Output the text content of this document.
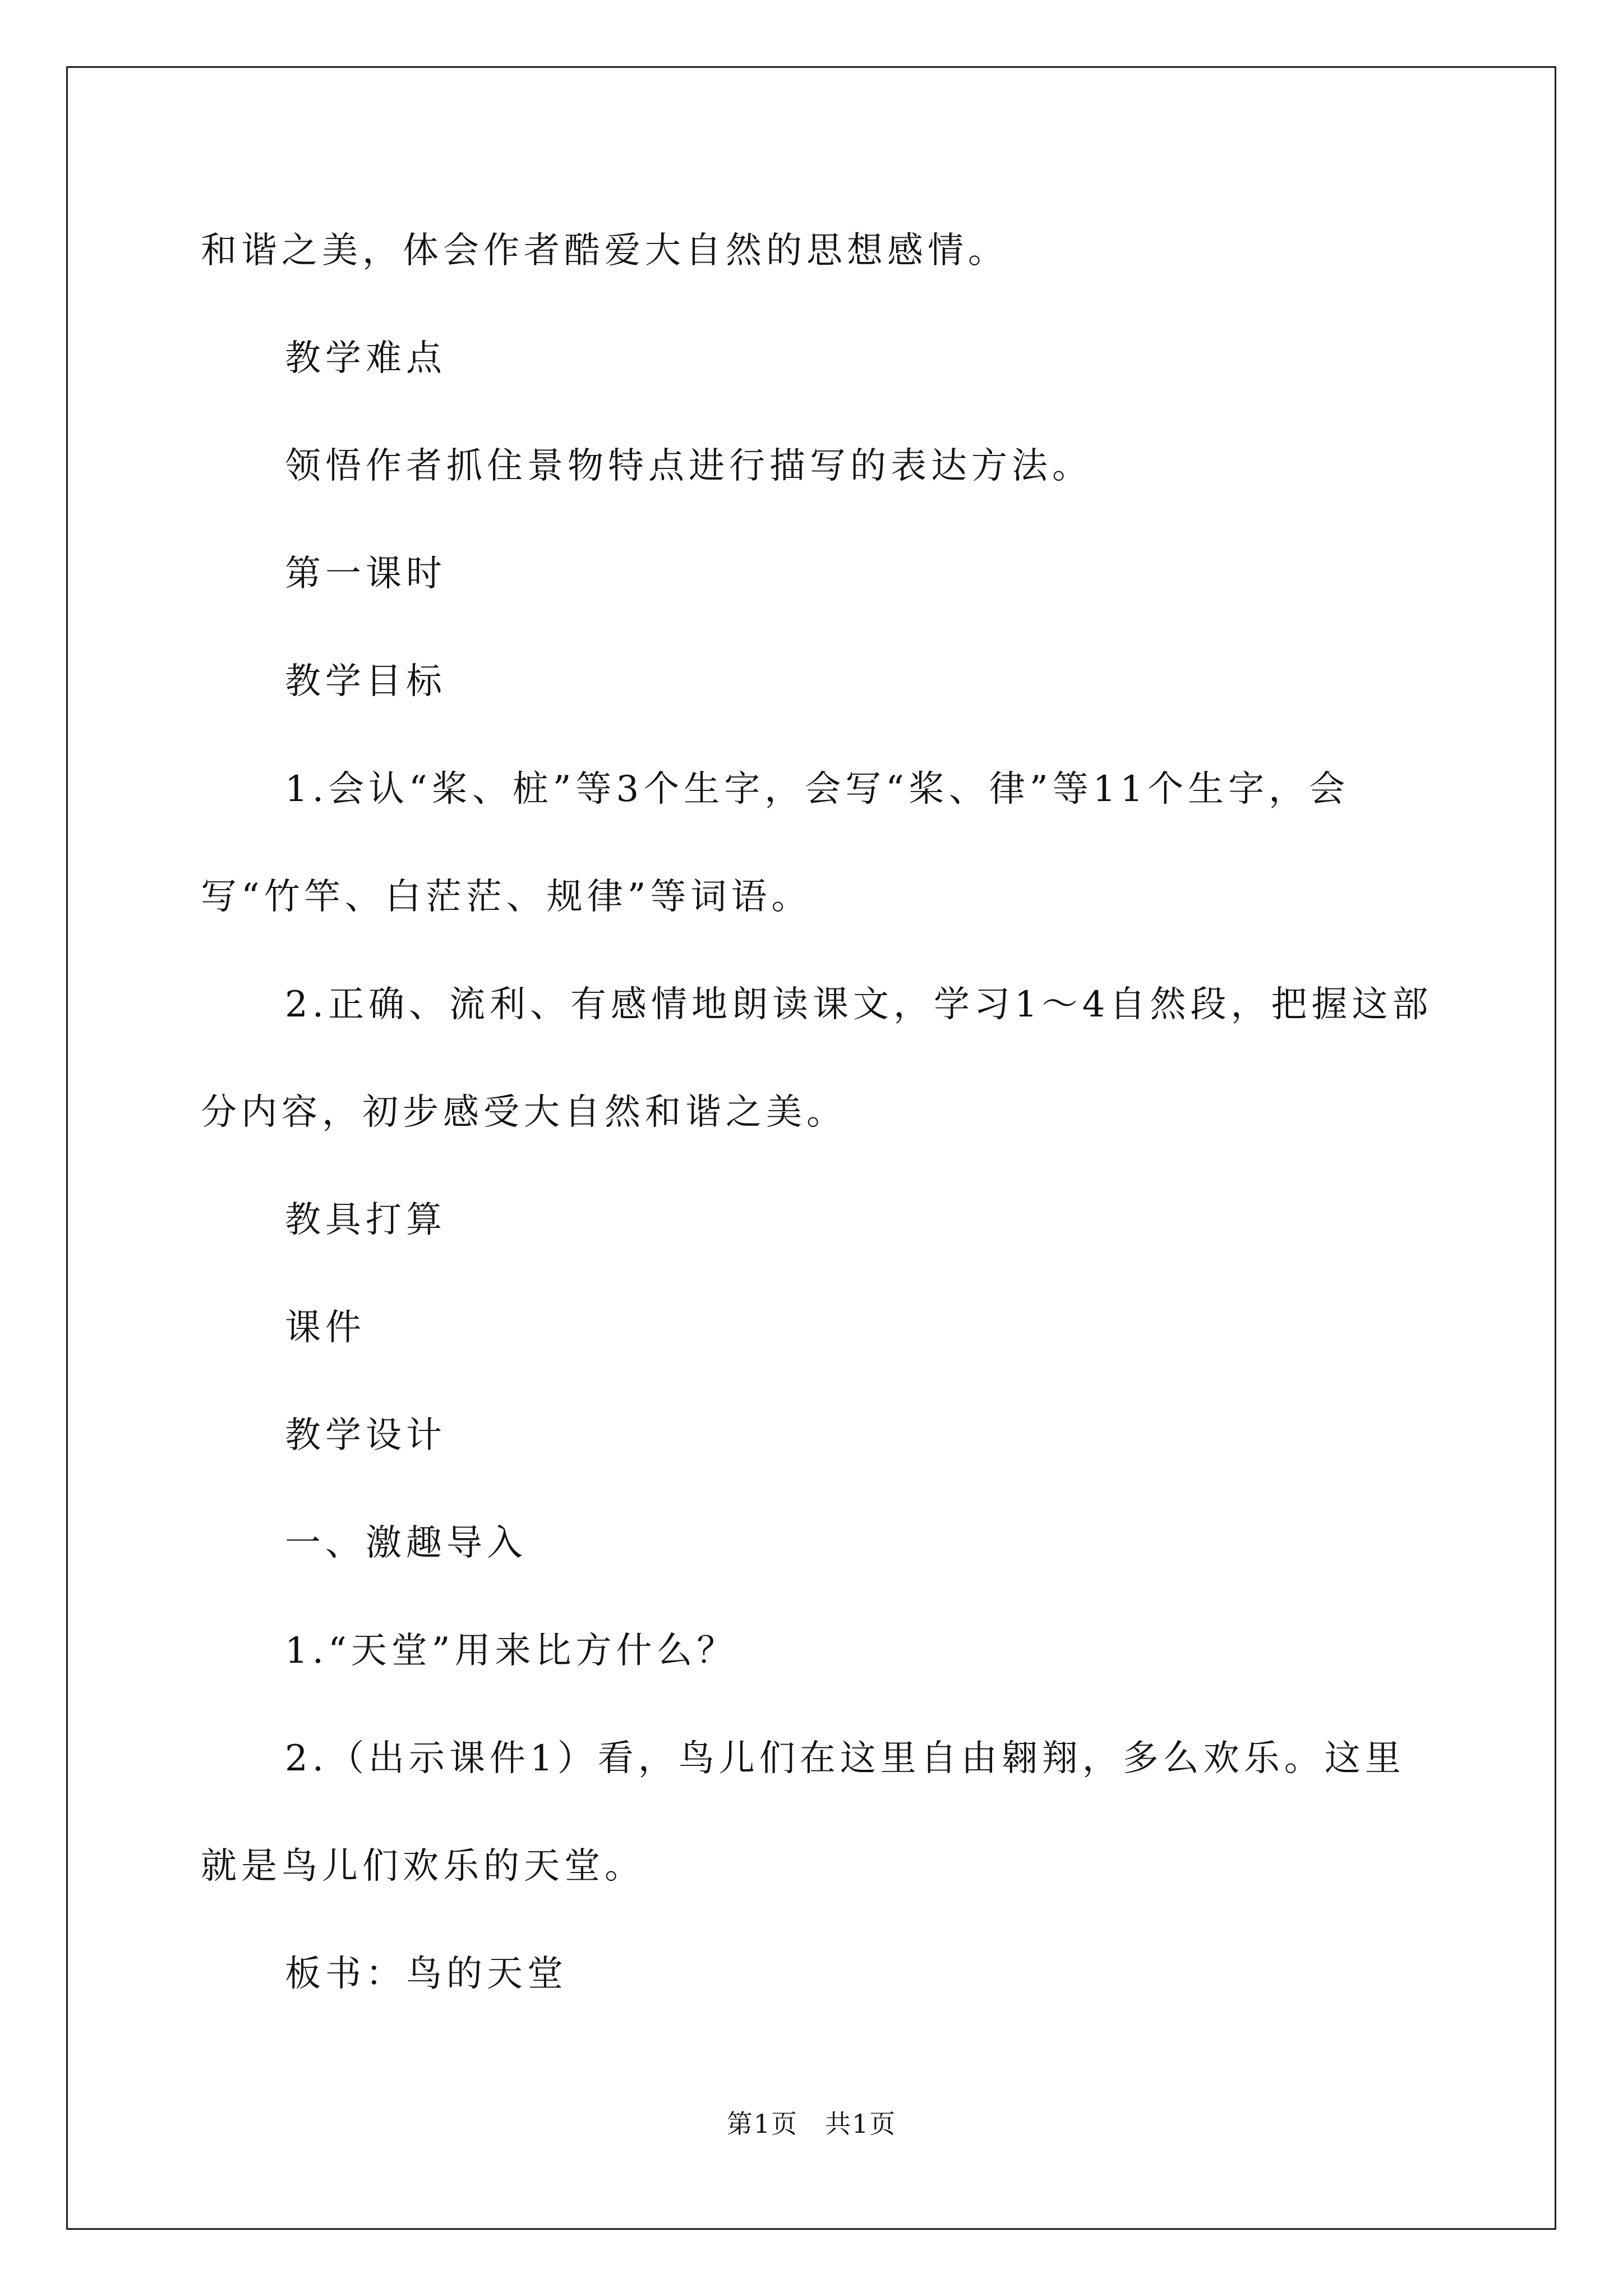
和谐之美，体会作者酷爱大自然的思想感情。
教学难点
领悟作者抓住景物特点进行描写的表达方法。
第一课时
教学目标
1.会认“桨、桩”等3个生字，会写“桨、律”等11个生字，会
写“竹竿、白茫茫、规律”等词语。
2.正确、流利、有感情地朗读课文，学习1～4自然段，把握这部
分内容，初步感受大自然和谐之美。
教具打算
课件
教学设计
一、激趣导入
1.“天堂”用来比方什么？
2.（出示课件1）看，鸟儿们在这里自由翱翔，多么欢乐。这里
就是鸟儿们欢乐的天堂。
板书：鸟的天堂
第1页　共1页
